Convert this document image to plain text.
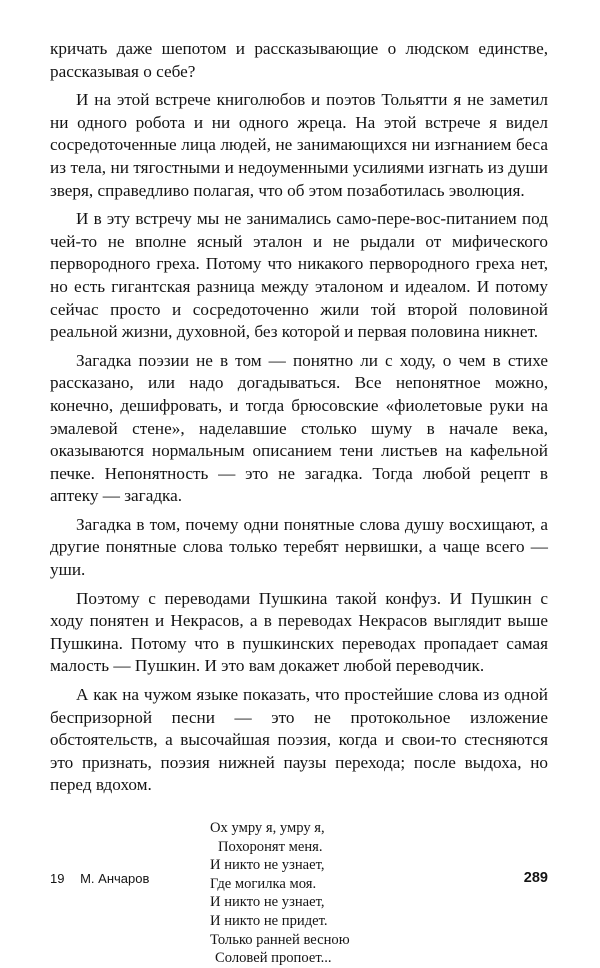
кричать даже шепотом и рассказывающие о людском единстве, рассказывая о себе?

И на этой встрече книголюбов и поэтов Тольятти я не заметил ни одного робота и ни одного жреца. На этой встрече я видел сосредоточенные лица людей, не занимающихся ни изгнанием беса из тела, ни тягостными и недоуменными усилиями изгнать из души зверя, справедливо полагая, что об этом позаботилась эволюция.

И в эту встречу мы не занимались само-пере-вос-питанием под чей-то не вполне ясный эталон и не рыдали от мифического первородного греха. Потому что никакого первородного греха нет, но есть гигантская разница между эталоном и идеалом. И потому сейчас просто и сосредоточенно жили той второй половиной реальной жизни, духовной, без которой и первая половина никнет.

Загадка поэзии не в том — понятно ли с ходу, о чем в стихе рассказано, или надо догадываться. Все непонятное можно, конечно, дешифровать, и тогда брюсовские «фиолетовые руки на эмалевой стене», наделавшие столько шуму в начале века, оказываются нормальным описанием тени листьев на кафельной печке. Непонятность — это не загадка. Тогда любой рецепт в аптеку — загадка.

Загадка в том, почему одни понятные слова душу восхищают, а другие понятные слова только теребят нервишки, а чаще всего — уши.

Поэтому с переводами Пушкина такой конфуз. И Пушкин с ходу понятен и Некрасов, а в переводах Некрасов выглядит выше Пушкина. Потому что в пушкинских переводах пропадает самая малость — Пушкин. И это вам докажет любой переводчик.

А как на чужом языке показать, что простейшие слова из одной беспризорной песни — это не протокольное изложение обстоятельств, а высочайшая поэзия, когда и свои-то стесняются это признать, поэзия нижней паузы перехода; после выдоха, но перед вдохом.

Ох умру я, умру я,
Похоронят меня.
И никто не узнает,
Где могилка моя.
И никто не узнает,
И никто не придет.
Только ранней весною
Соловей пропоет...
19 М. Анчаров	289
